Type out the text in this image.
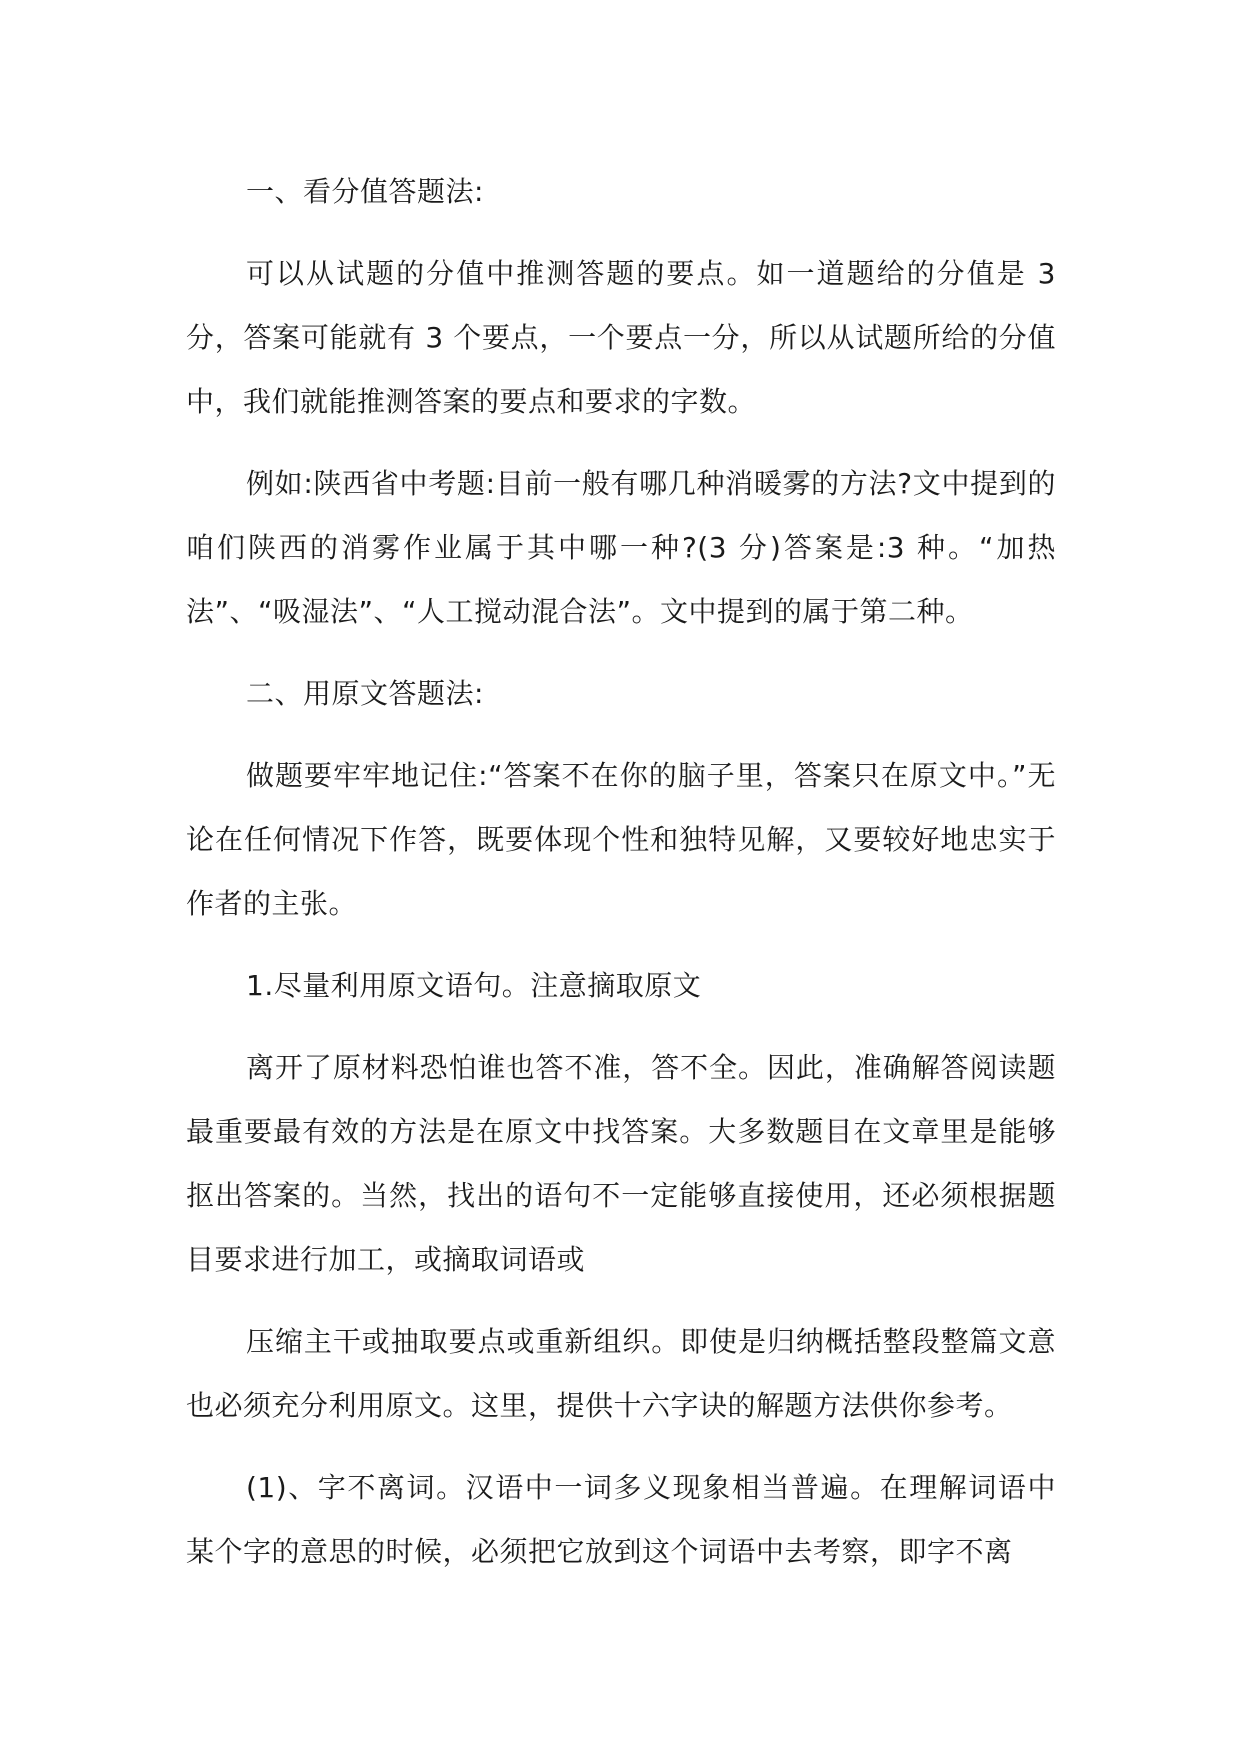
一、看分值答题法:

可以从试题的分值中推测答题的要点。如一道题给的分值是 3 分，答案可能就有 3 个要点，一个要点一分，所以从试题所给的分值中，我们就能推测答案的要点和要求的字数。

例如:陕西省中考题:目前一般有哪几种消暖雾的方法?文中提到的咱们陕西的消雾作业属于其中哪一种?(3 分)答案是:3 种。“加热法”、“吸湿法”、“人工搅动混合法”。文中提到的属于第二种。

二、用原文答题法:

做题要牢牢地记住:“答案不在你的脑子里，答案只在原文中。”无论在任何情况下作答，既要体现个性和独特见解，又要较好地忠实于作者的主张。

1.尽量利用原文语句。注意摘取原文

离开了原材料恐怕谁也答不准，答不全。因此，准确解答阅读题最重要最有效的方法是在原文中找答案。大多数题目在文章里是能够抠出答案的。当然，找出的语句不一定能够直接使用，还必须根据题目要求进行加工，或摘取词语或

压缩主干或抽取要点或重新组织。即使是归纳概括整段整篇文意也必须充分利用原文。这里，提供十六字诀的解题方法供你参考。

(1)、字不离词。汉语中一词多义现象相当普遍。在理解词语中某个字的意思的时候，必须把它放到这个词语中去考察，即字不离
